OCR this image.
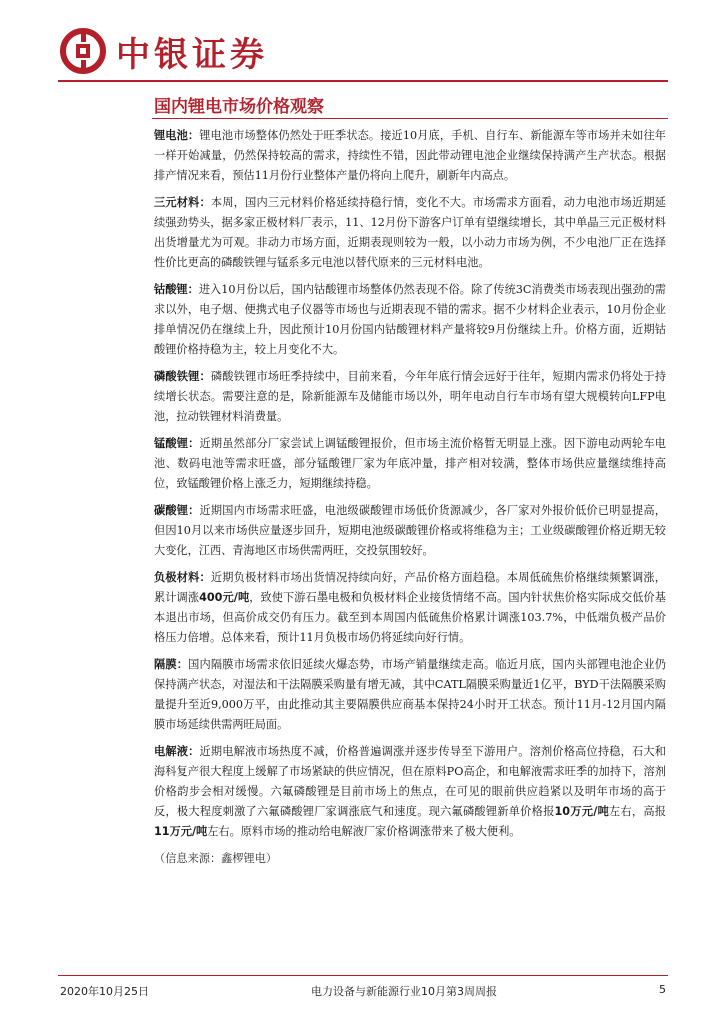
中银证券
国内锂电市场价格观察

锂电池：锂电池市场整体仍然处于旺季状态。接近10月底，手机、自行车、新能源车等市场并未如往年一样开始减量，仍然保持较高的需求，持续性不错，因此带动锂电池企业继续保持满产生产状态。根据排产情况来看，预估11月份行业整体产量仍将向上爬升，刷新年内高点。

三元材料：本周，国内三元材料价格延续持稳行情，变化不大。市场需求方面看，动力电池市场近期延续强劲势头，据多家正极材料厂表示，11、12月份下游客户订单有望继续增长，其中单晶三元正极材料出货增量尤为可观。非动力市场方面，近期表现则较为一般，以小动力市场为例，不少电池厂正在选择性价比更高的磷酸铁锂与锰系多元电池以替代原来的三元材料电池。

钴酸锂：进入10月份以后，国内钴酸锂市场整体仍然表现不俗。除了传统3C消费类市场表现出强劲的需求以外，电子烟、便携式电子仪器等市场也与近期表现不错的需求。据不少材料企业表示，10月份企业排单情况仍在继续上升，因此预计10月份国内钴酸锂材料产量将较9月份继续上升。价格方面，近期钴酸锂价格持稳为主，较上月变化不大。

磷酸铁锂：磷酸铁锂市场旺季持续中，目前来看，今年年底行情会远好于往年，短期内需求仍将处于持续增长状态。需要注意的是，除新能源车及储能市场以外，明年电动自行车市场有望大规模转向LFP电池，拉动铁锂材料消费量。

锰酸锂：近期虽然部分厂家尝试上调锰酸锂报价，但市场主流价格暂无明显上涨。因下游电动两轮车电池、数码电池等需求旺盛，部分锰酸锂厂家为年底冲量，排产相对较满，整体市场供应量继续维持高位，致锰酸锂价格上涨乏力，短期继续持稳。

碳酸锂：近期国内市场需求旺盛，电池级碳酸锂市场低价货源减少，各厂家对外报价低价已明显提高，但因10月以来市场供应量逐步回升，短期电池级碳酸锂价格或将维稳为主；工业级碳酸锂价格近期无较大变化，江西、青海地区市场供需两旺，交投氛围较好。

负极材料：近期负极材料市场出货情况持续向好，产品价格方面趋稳。本周低硫焦价格继续频繁调涨，累计调涨400元/吨，致使下游石墨电极和负极材料企业接货情绪不高。国内针状焦价格实际成交低价基本退出市场，但高价成交仍有压力。截至到本周国内低硫焦价格累计调涨103.7%，中低端负极产品价格压力倍增。总体来看，预计11月负极市场仍将延续向好行情。

隔膜：国内隔膜市场需求依旧延续火爆态势，市场产销量继续走高。临近月底，国内头部锂电池企业仍保持满产状态，对湿法和干法隔膜采购量有增无减，其中CATL隔膜采购量近1亿平，BYD干法隔膜采购量提升至近9,000万平，由此推动其主要隔膜供应商基本保持24小时开工状态。预计11月-12月国内隔膜市场延续供需两旺局面。

电解液：近期电解液市场热度不减，价格普遍调涨并逐步传导至下游用户。溶剂价格高位持稳，石大和海科复产很大程度上缓解了市场紧缺的供应情况，但在原料PO高企，和电解液需求旺季的加持下，溶剂价格韵步会相对缓慢。六氟磷酸锂是目前市场上的焦点，在可见的眼前供应趋紧以及明年市场的高于反，极大程度刺激了六氟磷酸锂厂家调涨底气和速度。现六氟磷酸锂新单价格报10万元/吨左右，高报11万元/吨左右。原料市场的推动给电解液厂家价格调涨带来了极大便利。

（信息来源：鑫椤锂电）
2020年10月25日	电力设备与新能源行业10月第3周周报	5
